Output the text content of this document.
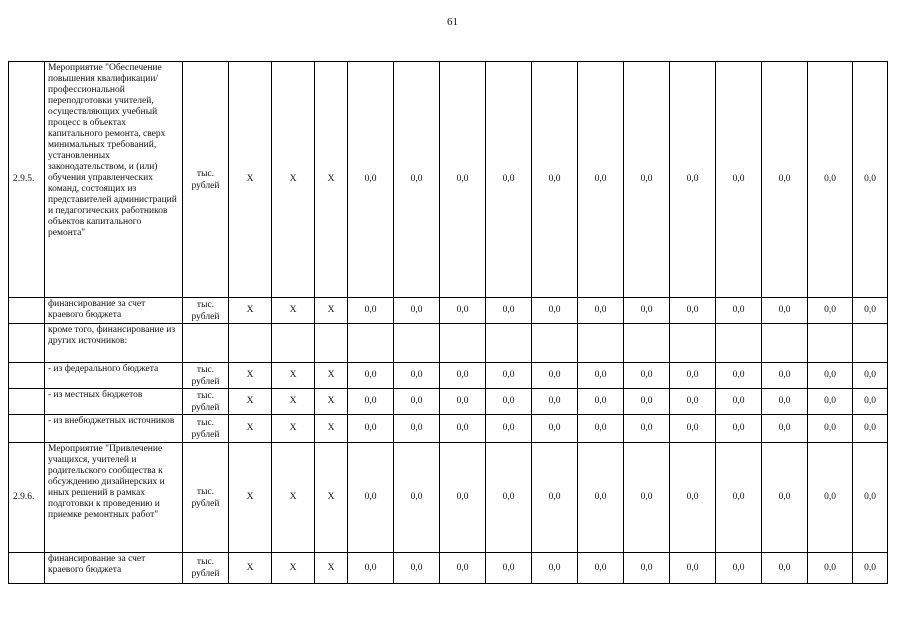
61
2.9.5.	Мероприятие "Обеспечение повышения квалификации/профессиональной переподготовки учителей, осуществляющих учебный процесс в объектах капитального ремонта, сверх минимальных требований, установленных законодательством, и (или) обучения управленческих команд, состоящих из представителей администраций и педагогических работников объектов капитального ремонта"	тыс. рублей	X	X	X	0,0	0,0	0,0	0,0	0,0	0,0	0,0	0,0	0,0	0,0	0,0	0,0
	финансирование за счет краевого бюджета	тыс. рублей	X	X	X	0,0	0,0	0,0	0,0	0,0	0,0	0,0	0,0	0,0	0,0	0,0	0,0
	кроме того, финансирование из других источников:																
	- из федерального бюджета	тыс. рублей	X	X	X	0,0	0,0	0,0	0,0	0,0	0,0	0,0	0,0	0,0	0,0	0,0	0,0
	- из местных бюджетов	тыс. рублей	X	X	X	0,0	0,0	0,0	0,0	0,0	0,0	0,0	0,0	0,0	0,0	0,0	0,0
	- из внебюджетных источников	тыс. рублей	X	X	X	0,0	0,0	0,0	0,0	0,0	0,0	0,0	0,0	0,0	0,0	0,0	0,0
2.9.6.	Мероприятие "Привлечение учащихся, учителей и родительского сообщества к обсуждению дизайнерских и иных решений в рамках подготовки к проведению и приемке ремонтных работ"	тыс. рублей	X	X	X	0,0	0,0	0,0	0,0	0,0	0,0	0,0	0,0	0,0	0,0	0,0	0,0
	финансирование за счет краевого бюджета	тыс. рублей	X	X	X	0,0	0,0	0,0	0,0	0,0	0,0	0,0	0,0	0,0	0,0	0,0	0,0
